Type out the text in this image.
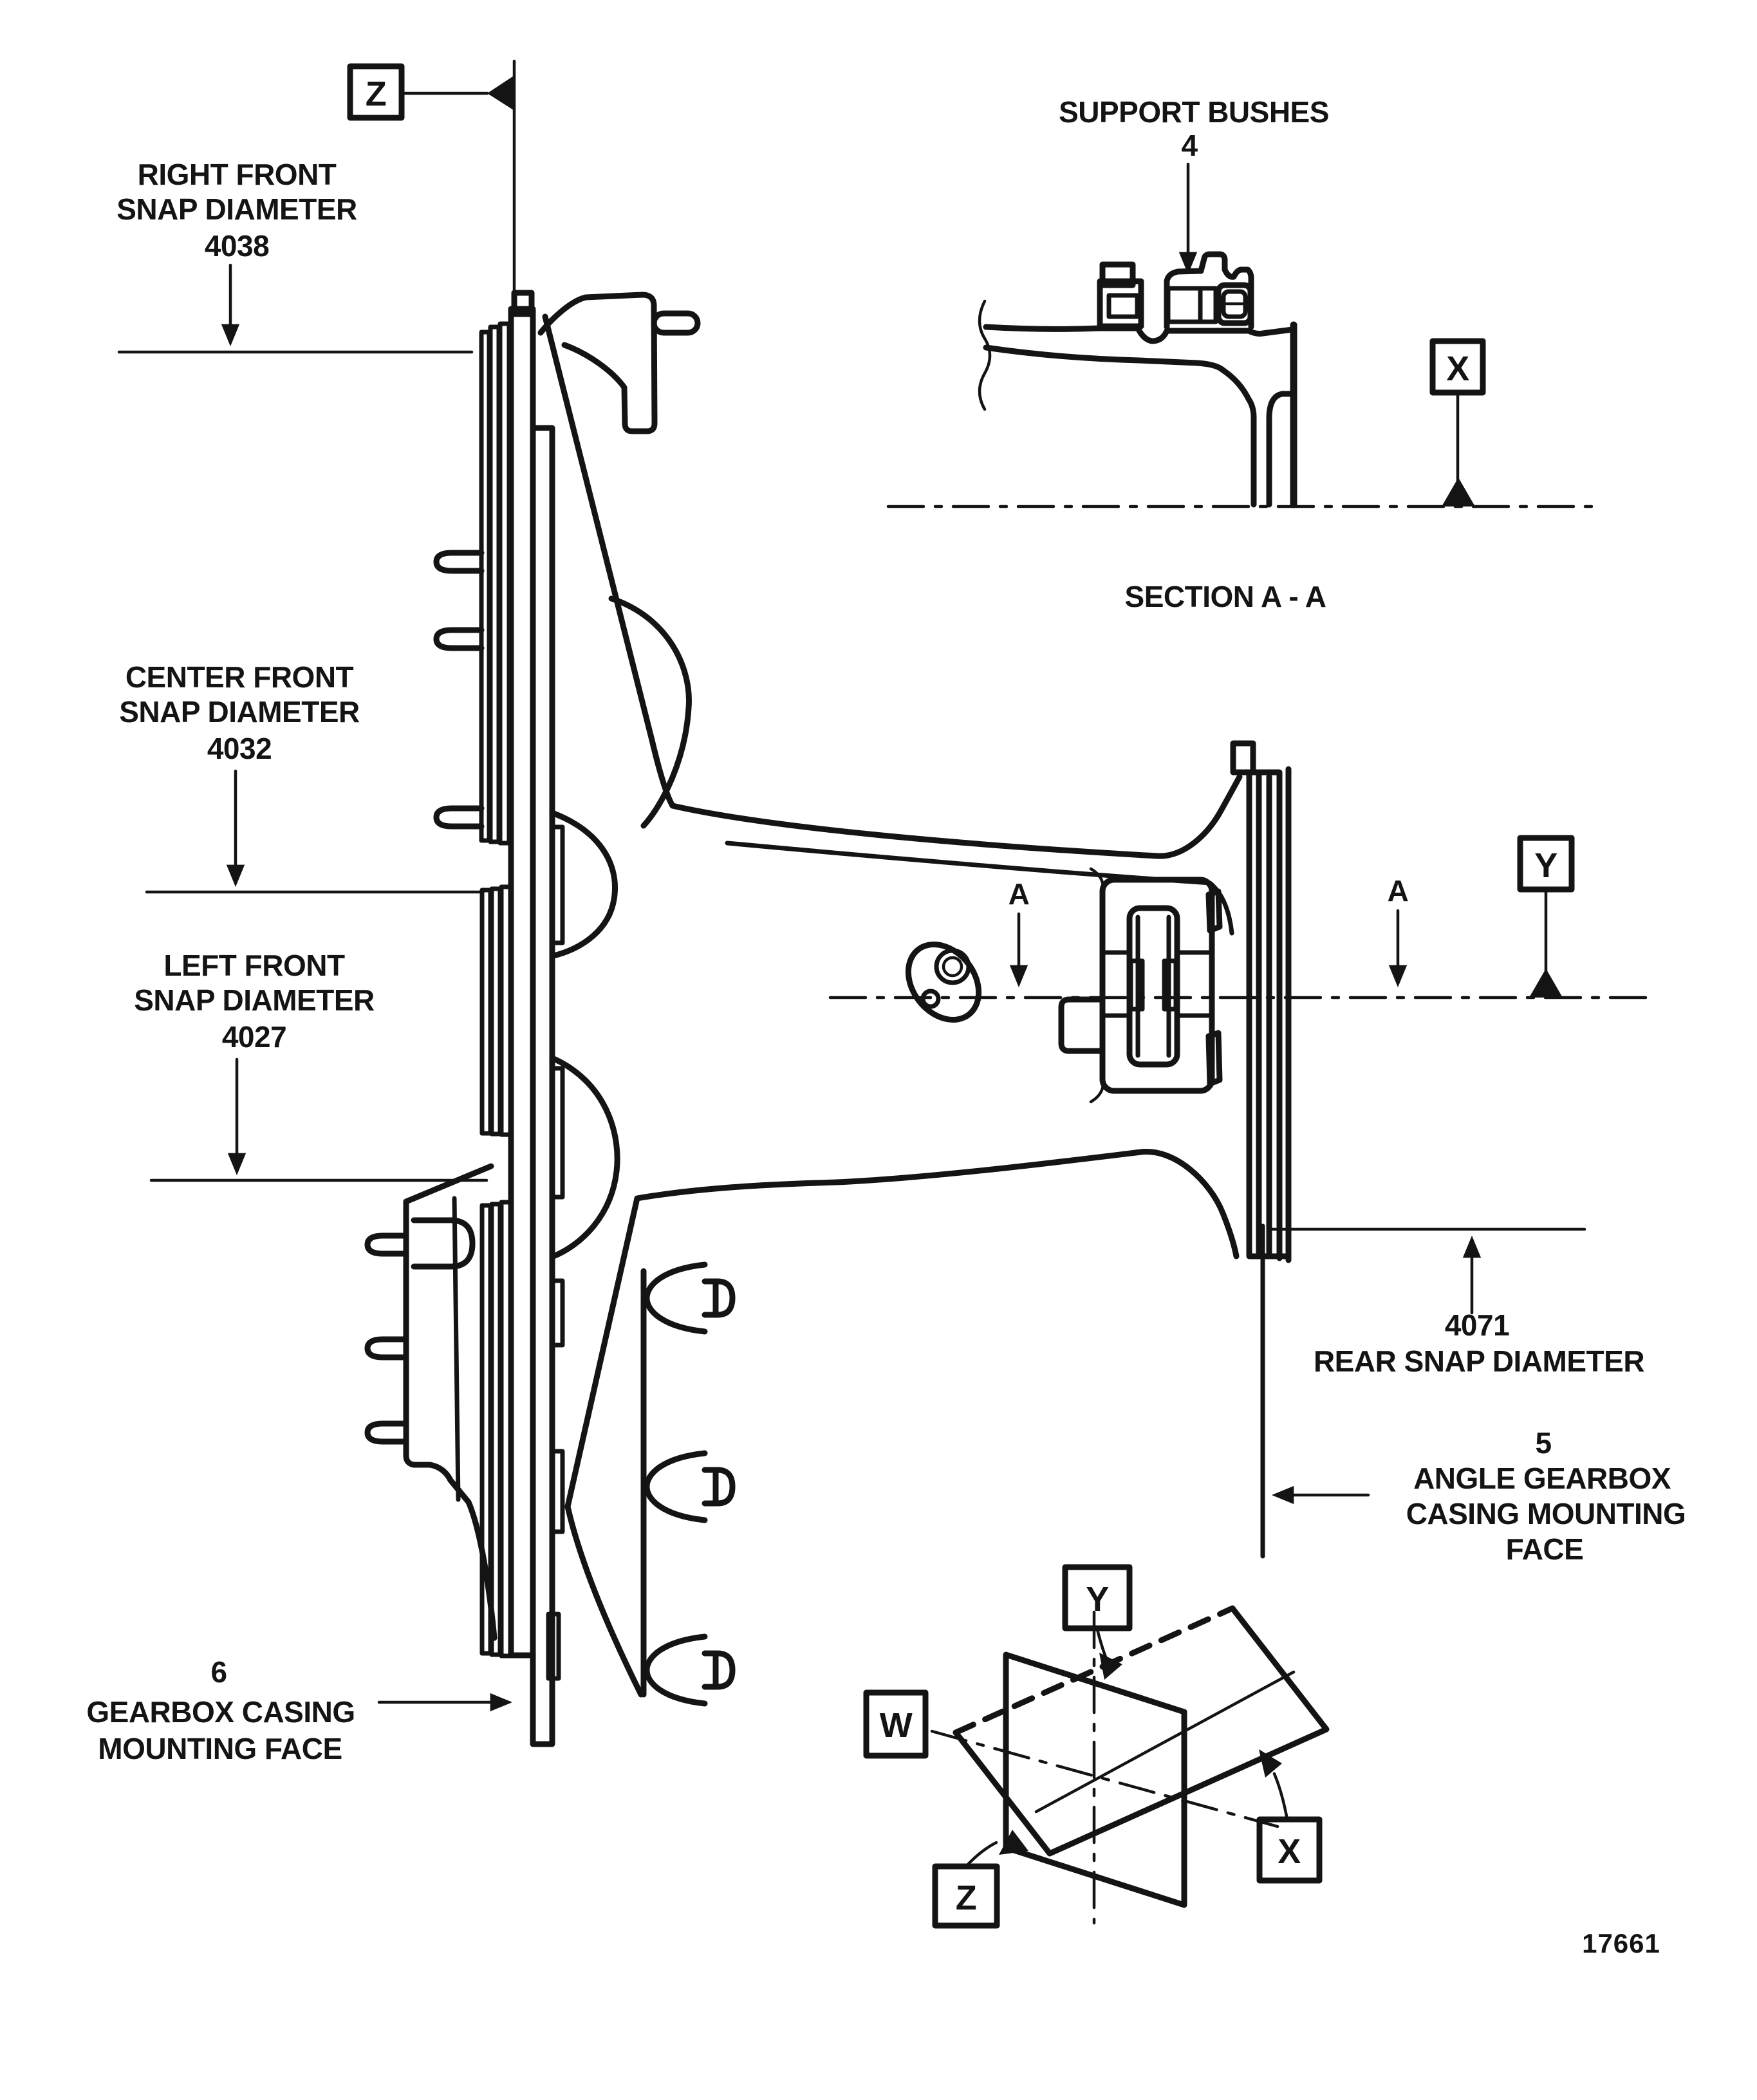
Z
RIGHT FRONT
SNAP DIAMETER
4038
CENTER FRONT
SNAP DIAMETER
4032
LEFT FRONT
SNAP DIAMETER
4027
A	A
Y
4071
REAR SNAP DIAMETER
5
ANGLE GEARBOX
CASING MOUNTING
FACE
6
GEARBOX CASING
MOUNTING FACE
SUPPORT BUSHES
4
X
SECTION A - A
Y
W
X
Z
17661
